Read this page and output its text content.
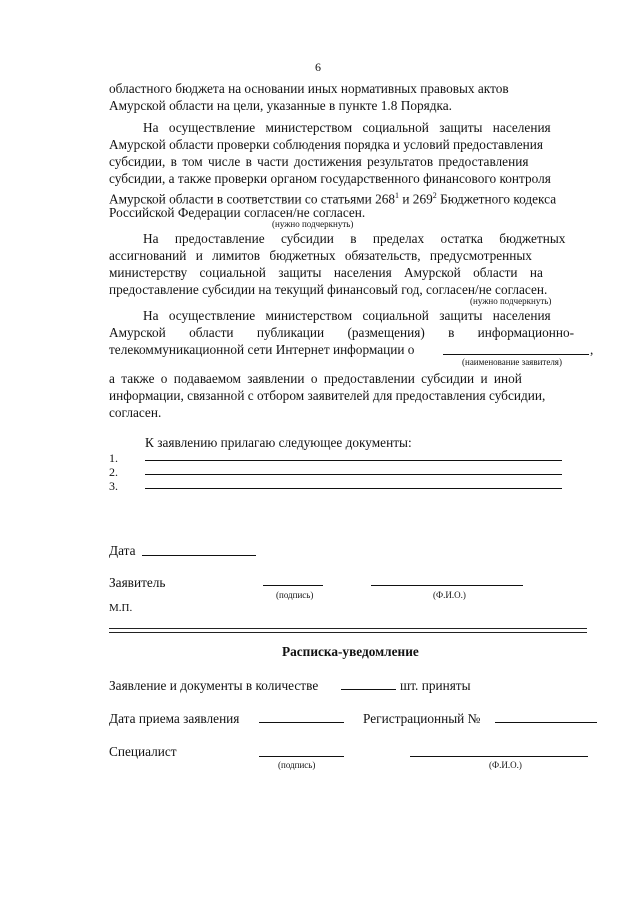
6
областного бюджета на основании иных нормативных правовых актов
Амурской области на цели, указанные в пункте 1.8 Порядка.
На осуществление министерством социальной защиты населения
Амурской области проверки соблюдения порядка и условий предоставления
субсидии, в том числе в части достижения результатов предоставления
субсидии, а также проверки органом государственного финансового контроля
Амурской области в соответствии со статьями $268^1$ и $269^2$ Бюджетного кодекса
Российской Федерации согласен/не согласен.
(нужно подчеркнуть)
На предоставление субсидии в пределах остатка бюджетных
ассигнований и лимитов бюджетных обязательств, предусмотренных
министерству социальной защиты населения Амурской области на
предоставление субсидии на текущий финансовый год, согласен/не согласен.
(нужно подчеркнуть)
На осуществление министерством социальной защиты населения
Амурской области публикации (размещения) в информационно-
телекоммуникационной сети Интернет информации о	,
(наименование заявителя)
а также о подаваемом заявлении о предоставлении субсидии и иной
информации, связанной с отбором заявителей для предоставления субсидии,
согласен.
К заявлению прилагаю следующее документы:
1.
2.
3.
Дата
Заявитель
(подпись)	(Ф.И.О.)
М.П.
Расписка-уведомление
Заявление и документы в количестве	шт. приняты
Дата приема заявления	Регистрационный №
Специалист
(подпись)	(Ф.И.О.)
